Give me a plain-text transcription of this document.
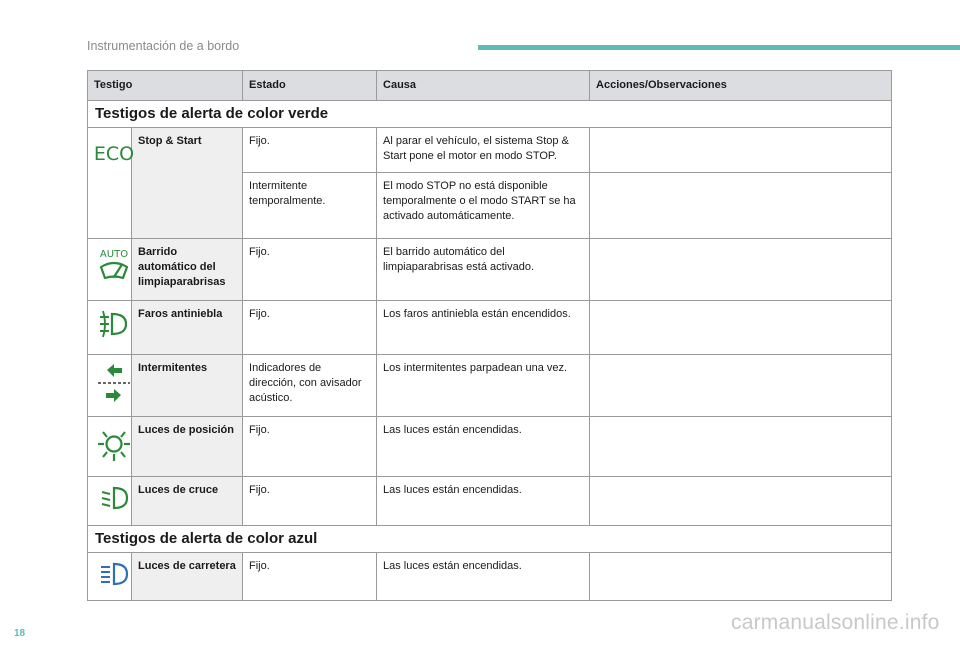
Instrumentación de a bordo
Testigo		Estado	Causa	Acciones/Observaciones
Testigos de alerta de color verde				

ECO	Stop & Start	Fijo.	Al parar el vehículo, el sistema Stop & Start pone el motor en modo STOP.	
		Intermitente temporalmente.	El modo STOP no está disponible temporalmente o el modo START se ha activado automáticamente.	

AUTO	Barrido automático del limpiaparabrisas	Fijo.	El barrido automático del limpiaparabrisas está activado.	
	Faros antiniebla	Fijo.	Los faros antiniebla están encendidos.	
	Intermitentes	Indicadores de dirección, con avisador acústico.	Los intermitentes parpadean una vez.	
	Luces de posición	Fijo.	Las luces están encendidas.	
	Luces de cruce	Fijo.	Las luces están encendidas.	
Testigos de alerta de color azul				
	Luces de carretera	Fijo.	Las luces están encendidas.	
carmanualsonline.info
18
